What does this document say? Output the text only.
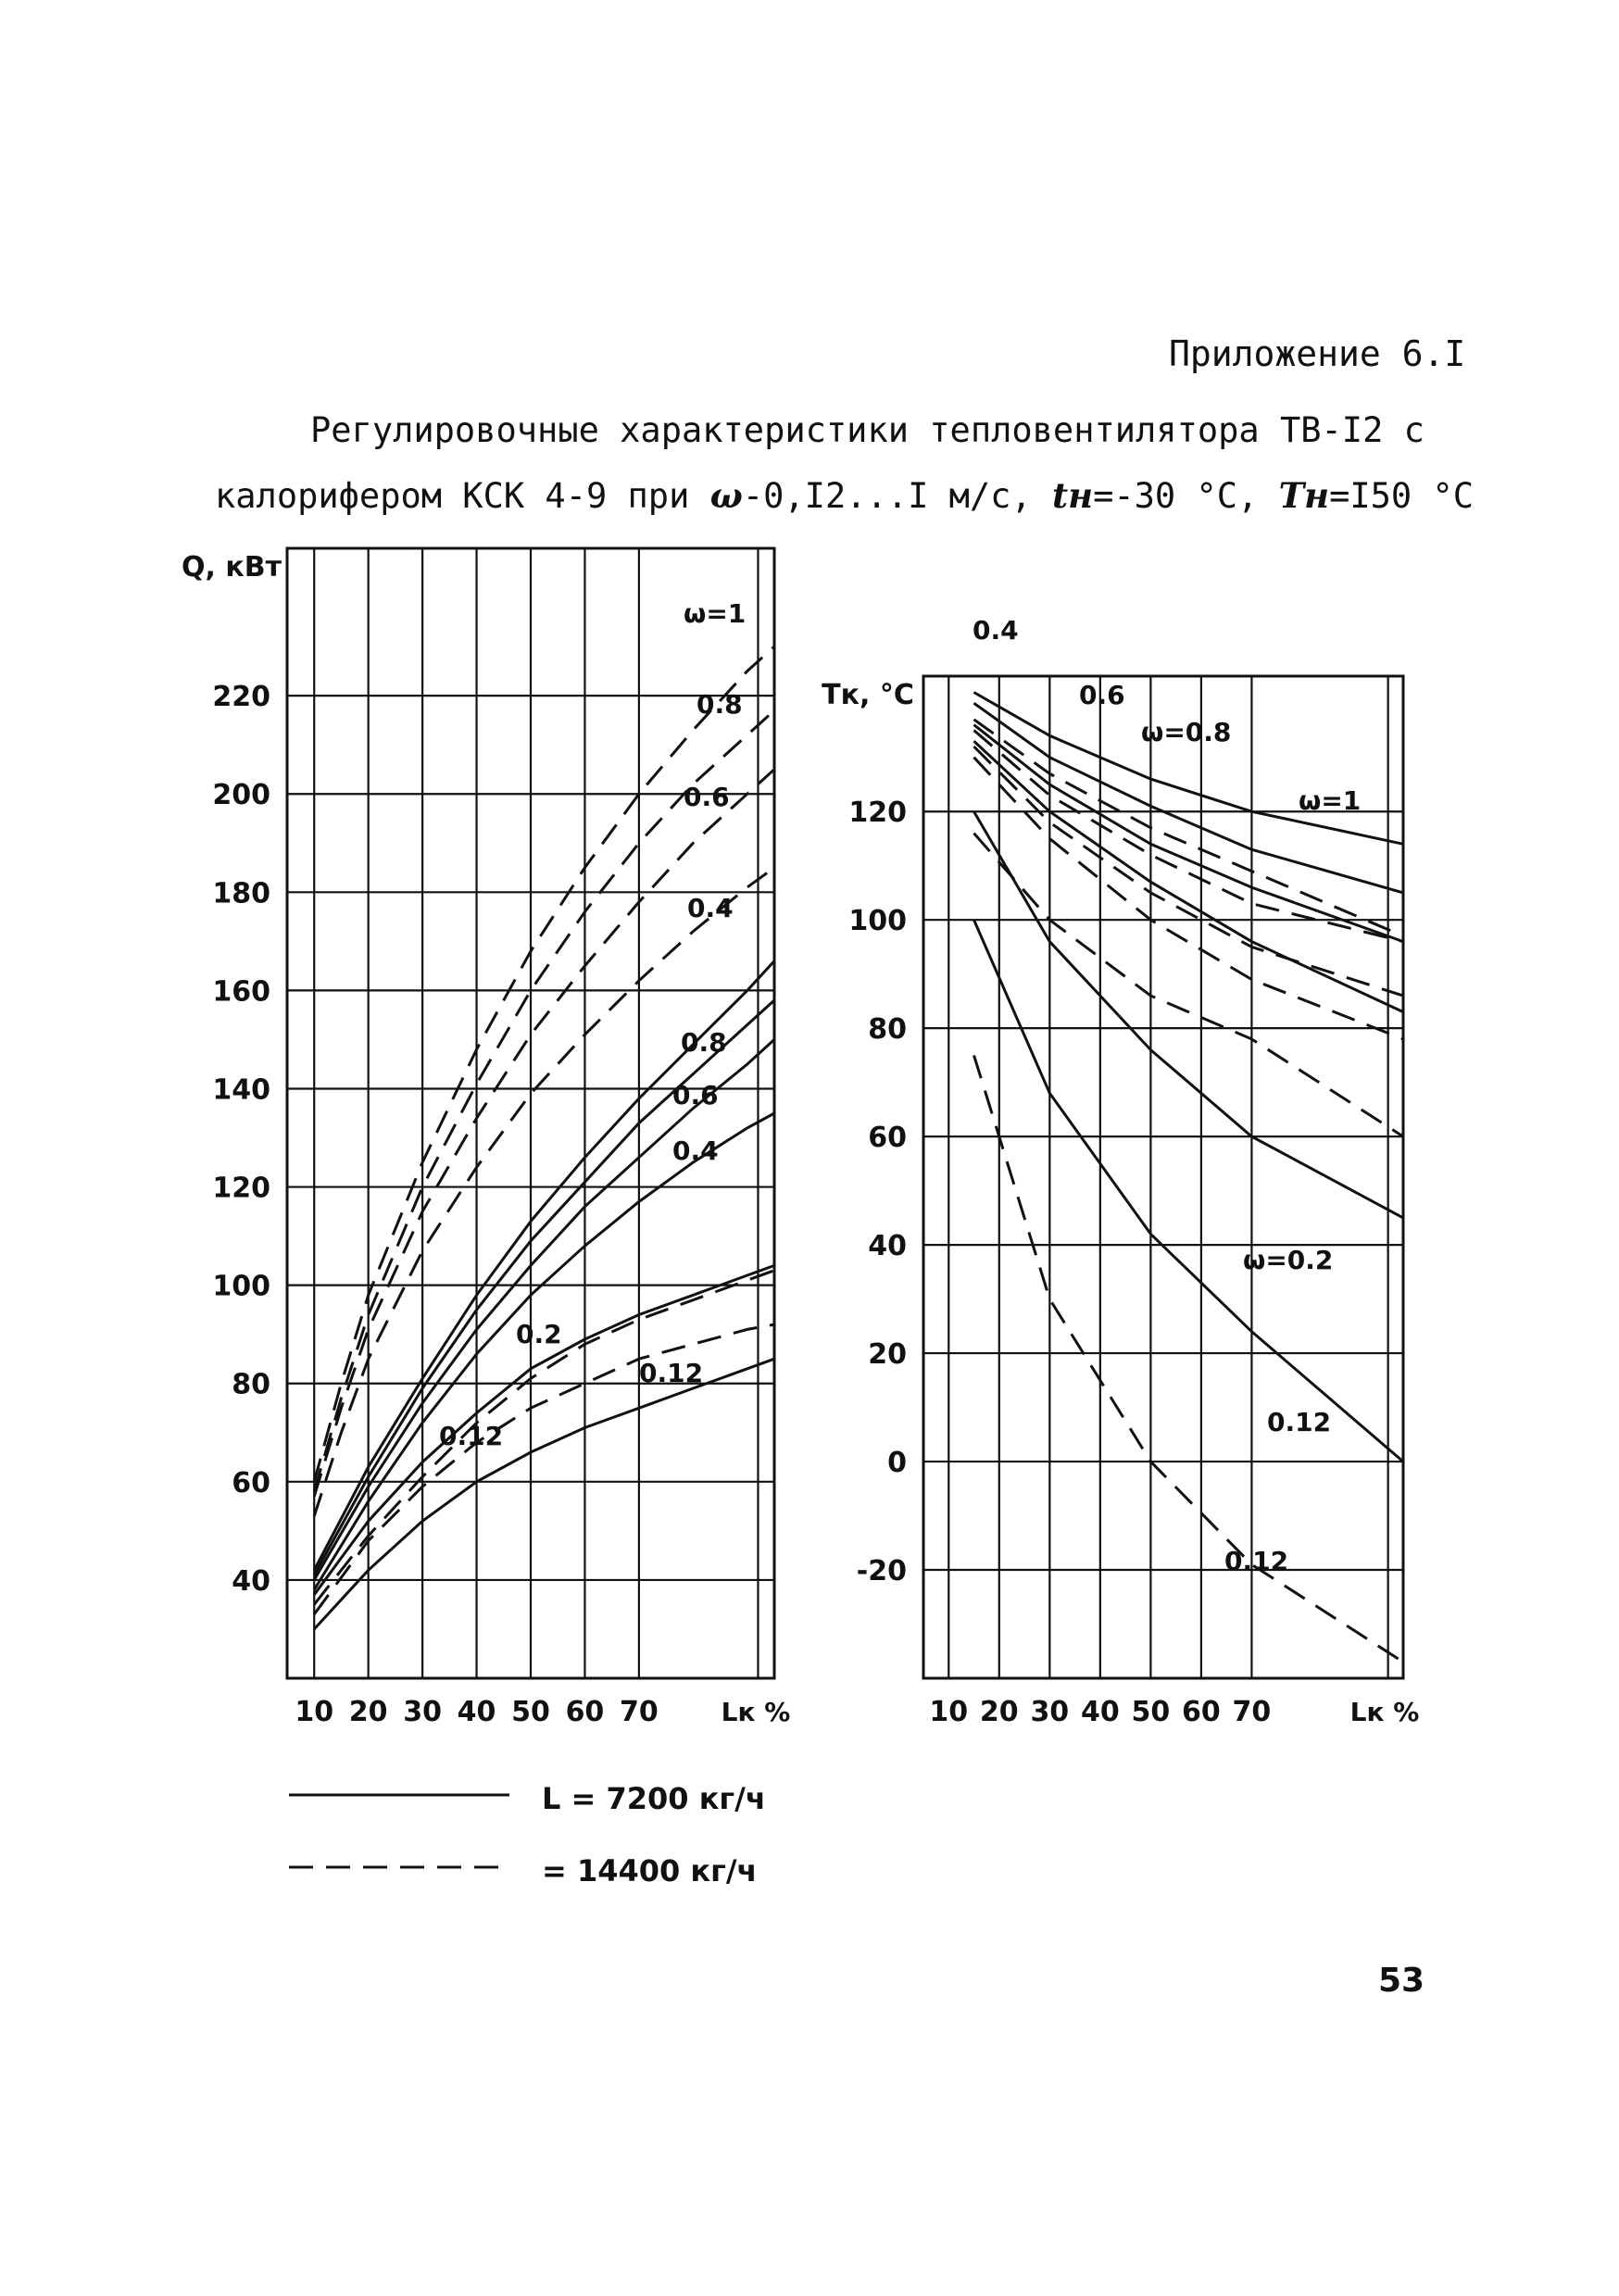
Приложение 6.I
Регулировочные характеристики тепловентилятора ТВ-I2 с
калорифером КСК 4-9 при ω-0,I2...I м/с, tн=-30 °С, Tн=I50 °С
10 20 30 40 50 60 70
40
60
80
100
120
140
160
180
200
220
Q, кВт
Lк %
ω=1
0.8
0.6
0.4
0.8
0.6
0.4
0.2
0.12
0.12
10 20 30 40 50 60 70
-20
0
20
40
60
80
100
120
Tк, °С
Lк %
ω=1
ω=0.8
0.6
0.4
ω=0.2
0.12
0.12
L = 7200 кг/ч
= 14400 кг/ч
53
